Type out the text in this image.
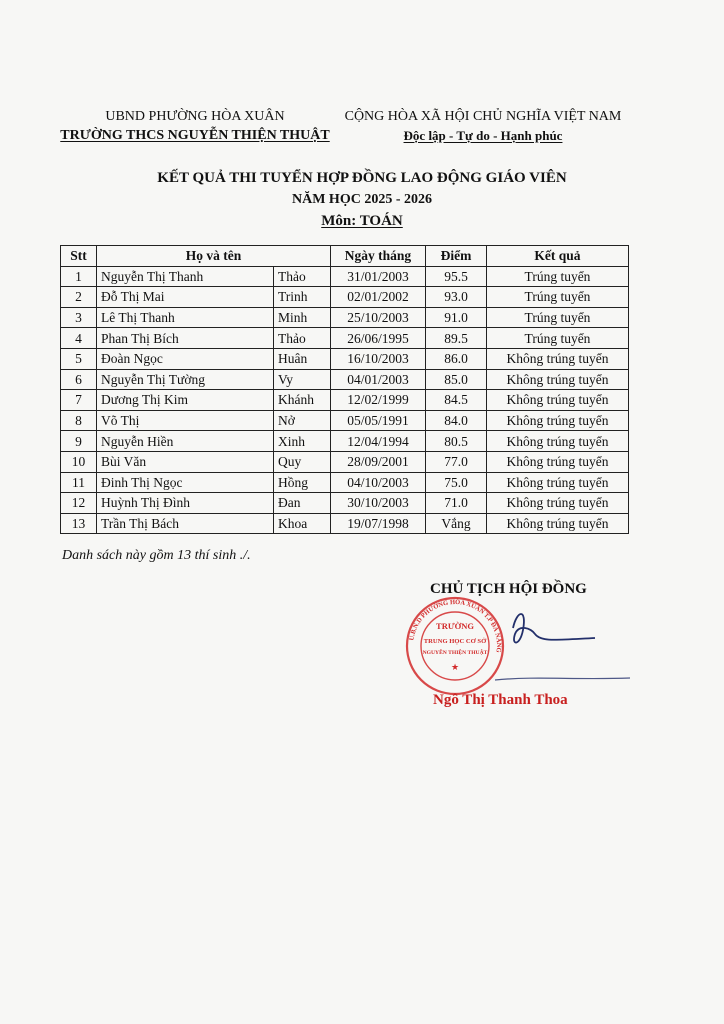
UBND PHƯỜNG HÒA XUÂN
TRƯỜNG THCS NGUYỄN THIỆN THUẬT
CỘNG HÒA XÃ HỘI CHỦ NGHĨA VIỆT NAM
Độc lập - Tự do - Hạnh phúc
KẾT QUẢ THI TUYỂN HỢP ĐỒNG LAO ĐỘNG GIÁO VIÊN
NĂM HỌC 2025 - 2026
Môn: TOÁN
Stt	Họ và tên		Ngày tháng	Điểm	Kết quả
1	Nguyễn Thị Thanh	Thảo	31/01/2003	95.5	Trúng tuyển
2	Đỗ Thị Mai	Trinh	02/01/2002	93.0	Trúng tuyển
3	Lê Thị Thanh	Minh	25/10/2003	91.0	Trúng tuyển
4	Phan Thị Bích	Thảo	26/06/1995	89.5	Trúng tuyển
5	Đoàn Ngọc	Huân	16/10/2003	86.0	Không trúng tuyển
6	Nguyễn Thị Tường	Vy	04/01/2003	85.0	Không trúng tuyển
7	Dương Thị Kim	Khánh	12/02/1999	84.5	Không trúng tuyển
8	Võ Thị	Nở	05/05/1991	84.0	Không trúng tuyển
9	Nguyễn Hiền	Xinh	12/04/1994	80.5	Không trúng tuyển
10	Bùi Văn	Quy	28/09/2001	77.0	Không trúng tuyển
11	Đinh Thị Ngọc	Hồng	04/10/2003	75.0	Không trúng tuyển
12	Huỳnh Thị Đình	Đan	30/10/2003	71.0	Không trúng tuyển
13	Trần Thị Bách	Khoa	19/07/1998	Vắng	Không trúng tuyển
Danh sách này gồm 13 thí sinh ./.
TRƯỜNG
TRUNG HỌC CƠ SỞ
NGUYỄN THIỆN THUẬT
★
U.B.N.D PHƯỜNG HÒA XUÂN T.P ĐÀ NẴNG
CHỦ TỊCH HỘI ĐỒNG
Ngô Thị Thanh Thoa
